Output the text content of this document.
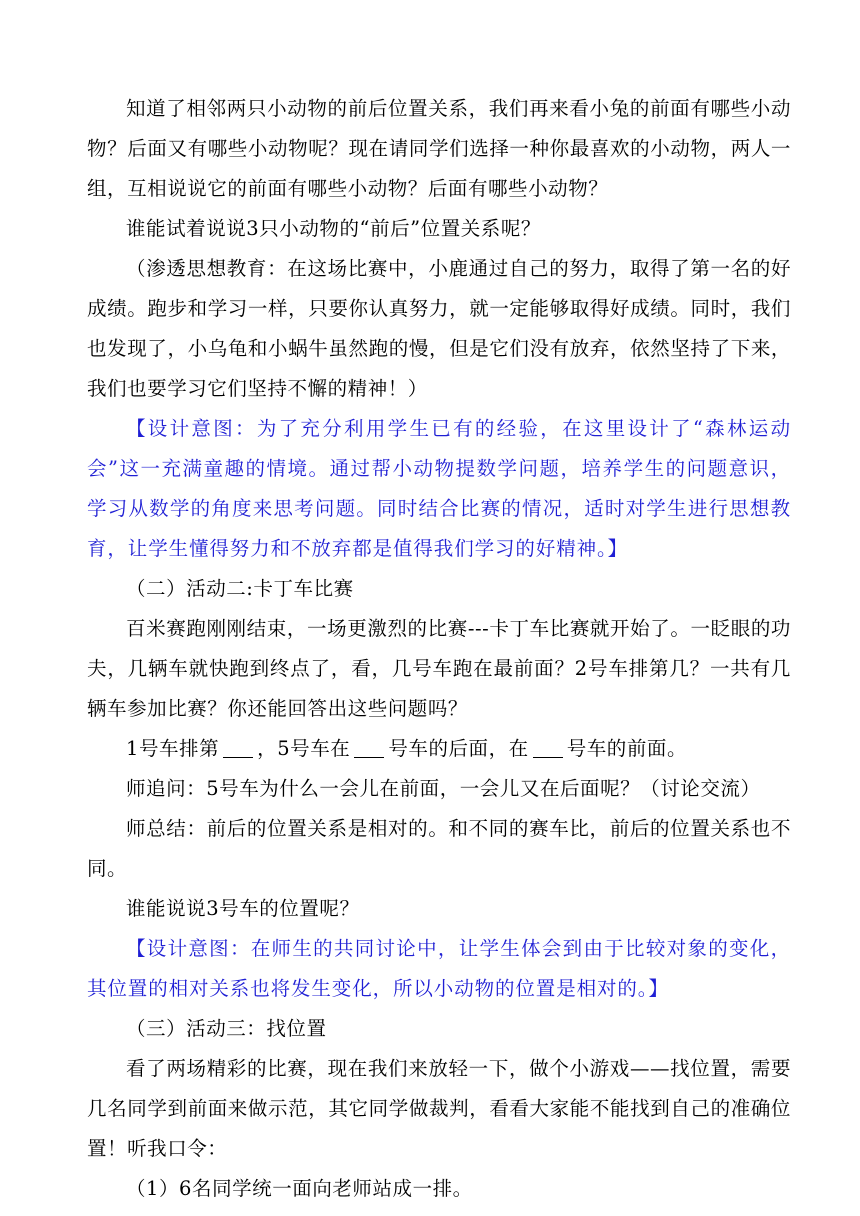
知道了相邻两只小动物的前后位置关系，我们再来看小兔的前面有哪些小动物？后面又有哪些小动物呢？现在请同学们选择一种你最喜欢的小动物，两人一组，互相说说它的前面有哪些小动物？后面有哪些小动物？

谁能试着说说3只小动物的“前后”位置关系呢？

（渗透思想教育：在这场比赛中，小鹿通过自己的努力，取得了第一名的好成绩。跑步和学习一样，只要你认真努力，就一定能够取得好成绩。同时，我们也发现了，小乌龟和小蜗牛虽然跑的慢，但是它们没有放弃，依然坚持了下来，我们也要学习它们坚持不懈的精神！）

【设计意图：为了充分利用学生已有的经验，在这里设计了“森林运动会”这一充满童趣的情境。通过帮小动物提数学问题，培养学生的问题意识，学习从数学的角度来思考问题。同时结合比赛的情况，适时对学生进行思想教育，让学生懂得努力和不放弃都是值得我们学习的好精神。】

（二）活动二:卡丁车比赛

百米赛跑刚刚结束，一场更激烈的比赛---卡丁车比赛就开始了。一眨眼的功夫，几辆车就快跑到终点了，看，几号车跑在最前面？2号车排第几？一共有几辆车参加比赛？你还能回答出这些问题吗？

1号车排第 ，5号车在 号车的后面，在 号车的前面。

师追问：5号车为什么一会儿在前面，一会儿又在后面呢？（讨论交流）

师总结：前后的位置关系是相对的。和不同的赛车比，前后的位置关系也不同。

谁能说说3号车的位置呢？

【设计意图：在师生的共同讨论中，让学生体会到由于比较对象的变化，其位置的相对关系也将发生变化，所以小动物的位置是相对的。】

（三）活动三：找位置

看了两场精彩的比赛，现在我们来放轻一下，做个小游戏——找位置，需要几名同学到前面来做示范，其它同学做裁判，看看大家能不能找到自己的准确位置！听我口令：

（1）6名同学统一面向老师站成一排。
